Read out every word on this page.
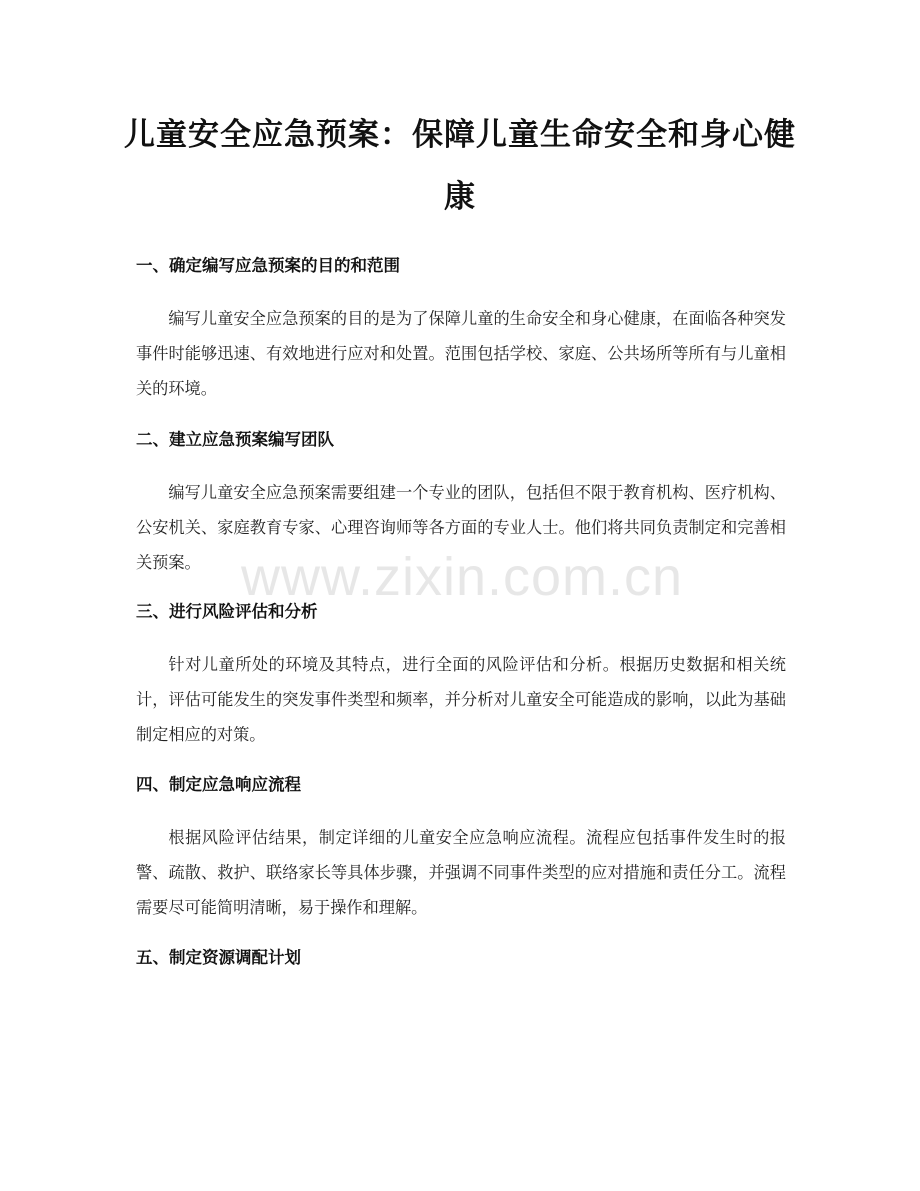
儿童安全应急预案：保障儿童生命安全和身心健康
一、确定编写应急预案的目的和范围

编写儿童安全应急预案的目的是为了保障儿童的生命安全和身心健康，在面临各种突发事件时能够迅速、有效地进行应对和处置。范围包括学校、家庭、公共场所等所有与儿童相关的环境。

二、建立应急预案编写团队

编写儿童安全应急预案需要组建一个专业的团队，包括但不限于教育机构、医疗机构、公安机关、家庭教育专家、心理咨询师等各方面的专业人士。他们将共同负责制定和完善相关预案。

三、进行风险评估和分析

针对儿童所处的环境及其特点，进行全面的风险评估和分析。根据历史数据和相关统计，评估可能发生的突发事件类型和频率，并分析对儿童安全可能造成的影响，以此为基础制定相应的对策。

四、制定应急响应流程

根据风险评估结果，制定详细的儿童安全应急响应流程。流程应包括事件发生时的报警、疏散、救护、联络家长等具体步骤，并强调不同事件类型的应对措施和责任分工。流程需要尽可能简明清晰，易于操作和理解。

五、制定资源调配计划
www.zixin.com.cn
